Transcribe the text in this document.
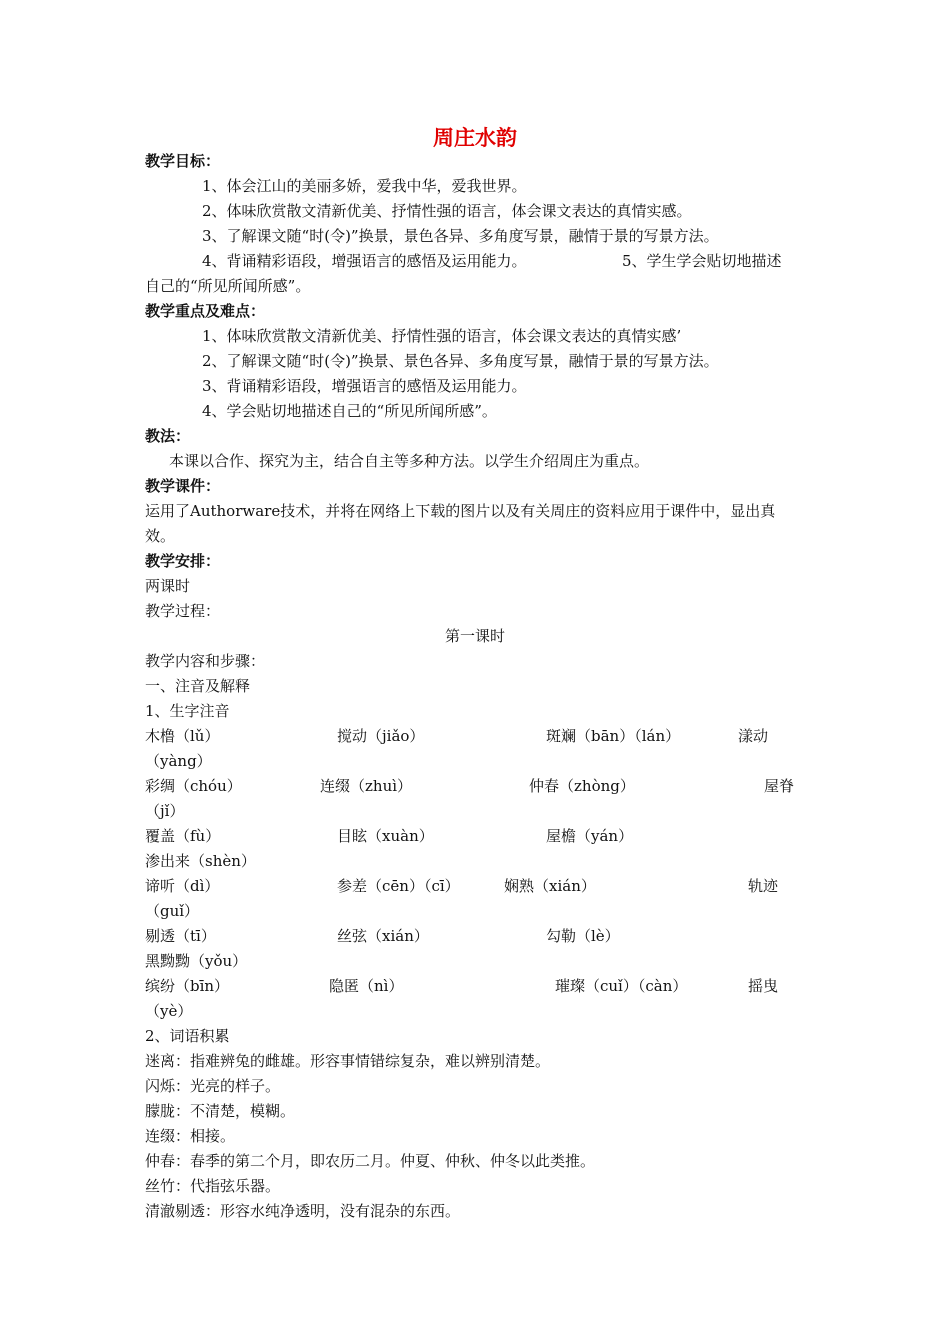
周庄水韵
教学目标：
1、体会江山的美丽多娇，爱我中华，爱我世界。
2、体味欣赏散文清新优美、抒情性强的语言，体会课文表达的真情实感。
3、了解课文随“时(令)”换景，景色各异、多角度写景，融情于景的写景方法。
4、背诵精彩语段，增强语言的感悟及运用能力。	5、学生学会贴切地描述
自己的“所见所闻所感”。
教学重点及难点：
1、体味欣赏散文清新优美、抒情性强的语言，体会课文表达的真情实感’
2、了解课文随“时(令)”换景、景色各异、多角度写景，融情于景的写景方法。
3、背诵精彩语段，增强语言的感悟及运用能力。
4、学会贴切地描述自己的“所见所闻所感”。
教法：
本课以合作、探究为主，结合自主等多种方法。以学生介绍周庄为重点。
教学课件：
运用了Authorware技术，并将在网络上下载的图片以及有关周庄的资料应用于课件中，显出真效。
教学安排：
两课时
教学过程：
第一课时
教学内容和步骤：
一、注音及解释
1、生字注音
木橹（lǔ）	搅动（jiǎo）	斑斓（bān）（lán）	漾动
（yàng）
彩绸（chóu）	连缀（zhuì）	仲春（zhòng）	屋脊
（jǐ）
覆盖（fù）	目眩（xuàn）	屋檐（yán）
渗出来（shèn）
谛听（dì）	参差（cēn）（cī）	娴熟（xián）	轨迹
（guǐ）
剔透（tī）	丝弦（xián）	勾勒（lè）
黑黝黝（yǒu）
缤纷（bīn）	隐匿（nì）	璀璨（cuǐ）（càn）	摇曳
（yè）
2、词语积累
迷离：指难辨兔的雌雄。形容事情错综复杂，难以辨别清楚。
闪烁：光亮的样子。
朦胧：不清楚，模糊。
连缀：相接。
仲春：春季的第二个月，即农历二月。仲夏、仲秋、仲冬以此类推。
丝竹：代指弦乐器。
清澈剔透：形容水纯净透明，没有混杂的东西。
